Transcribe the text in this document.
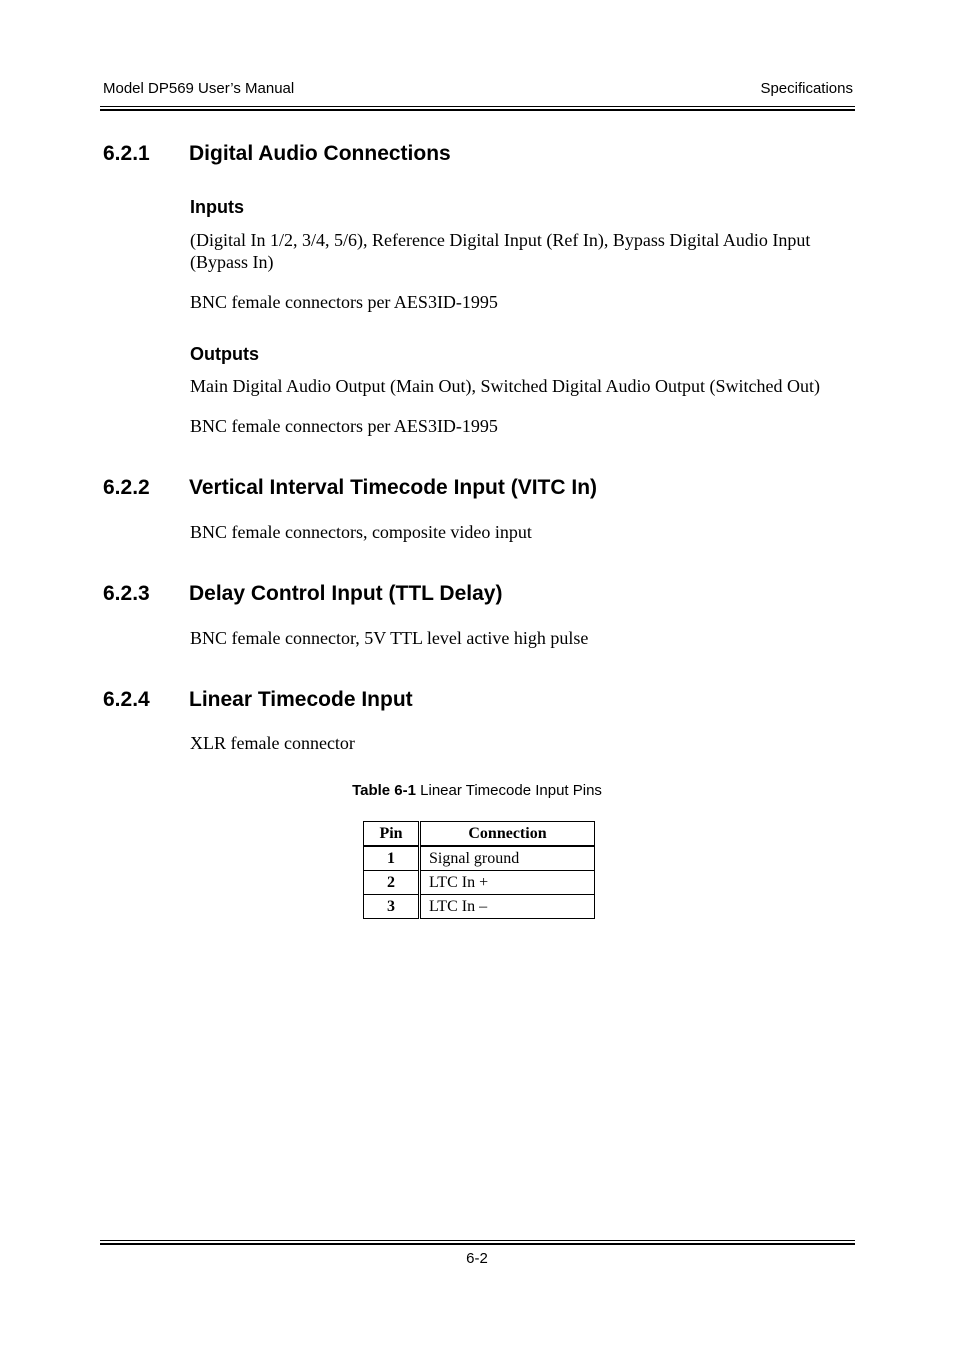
Model DP569 User’s Manual	Specifications
6.2.1 Digital Audio Connections
Inputs
(Digital In 1/2, 3/4, 5/6), Reference Digital Input (Ref In), Bypass Digital Audio Input (Bypass In)
BNC female connectors per AES3ID-1995
Outputs
Main Digital Audio Output (Main Out), Switched Digital Audio Output (Switched Out)
BNC female connectors per AES3ID-1995
6.2.2 Vertical Interval Timecode Input (VITC In)
BNC female connectors, composite video input
6.2.3 Delay Control Input (TTL Delay)
BNC female connector, 5V TTL level active high pulse
6.2.4 Linear Timecode Input
XLR female connector
Table 6-1 Linear Timecode Input Pins
Pin	Connection
1	Signal ground
2	LTC In +
3	LTC In –
6-2
